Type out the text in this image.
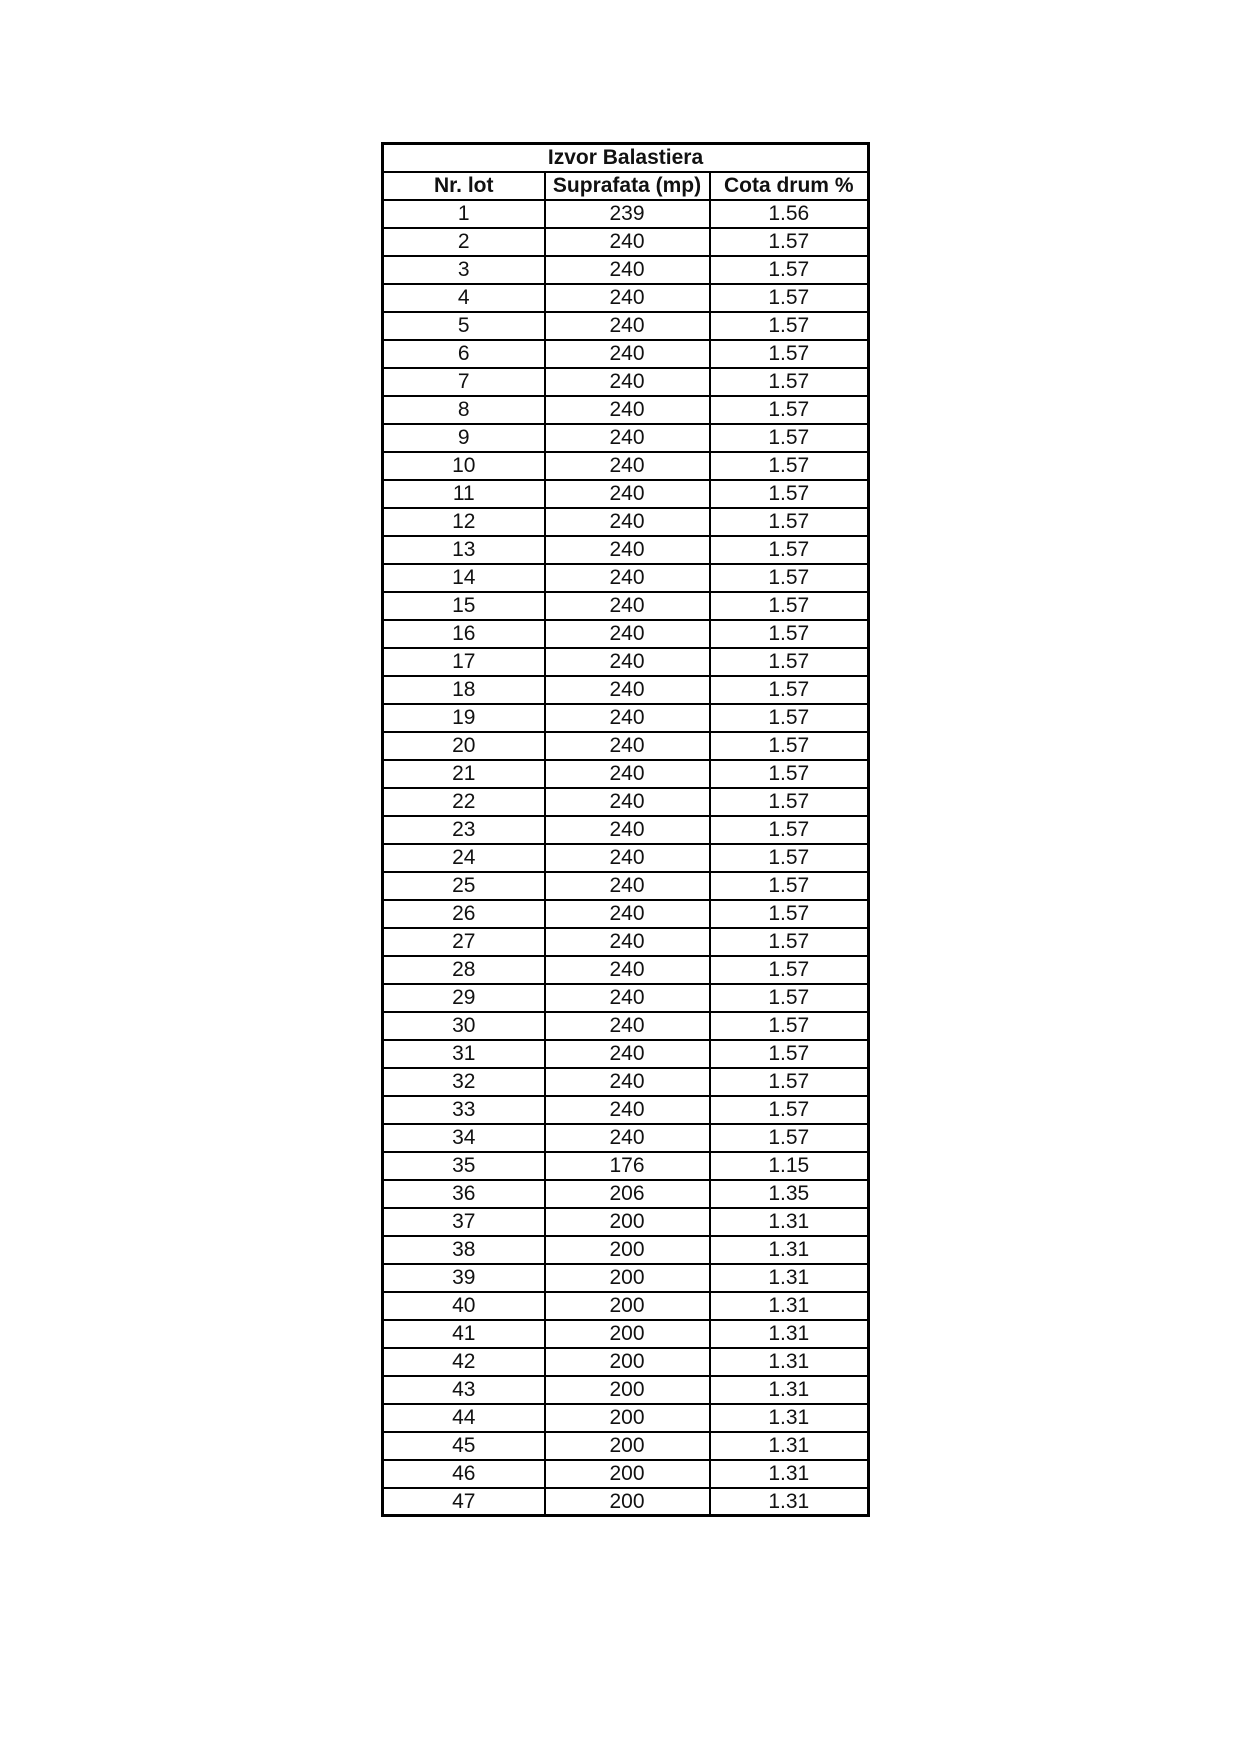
Izvor Balastiera		
Nr. lot	Suprafata (mp)	Cota drum %
1	239	1.56
2	240	1.57
3	240	1.57
4	240	1.57
5	240	1.57
6	240	1.57
7	240	1.57
8	240	1.57
9	240	1.57
10	240	1.57
11	240	1.57
12	240	1.57
13	240	1.57
14	240	1.57
15	240	1.57
16	240	1.57
17	240	1.57
18	240	1.57
19	240	1.57
20	240	1.57
21	240	1.57
22	240	1.57
23	240	1.57
24	240	1.57
25	240	1.57
26	240	1.57
27	240	1.57
28	240	1.57
29	240	1.57
30	240	1.57
31	240	1.57
32	240	1.57
33	240	1.57
34	240	1.57
35	176	1.15
36	206	1.35
37	200	1.31
38	200	1.31
39	200	1.31
40	200	1.31
41	200	1.31
42	200	1.31
43	200	1.31
44	200	1.31
45	200	1.31
46	200	1.31
47	200	1.31
